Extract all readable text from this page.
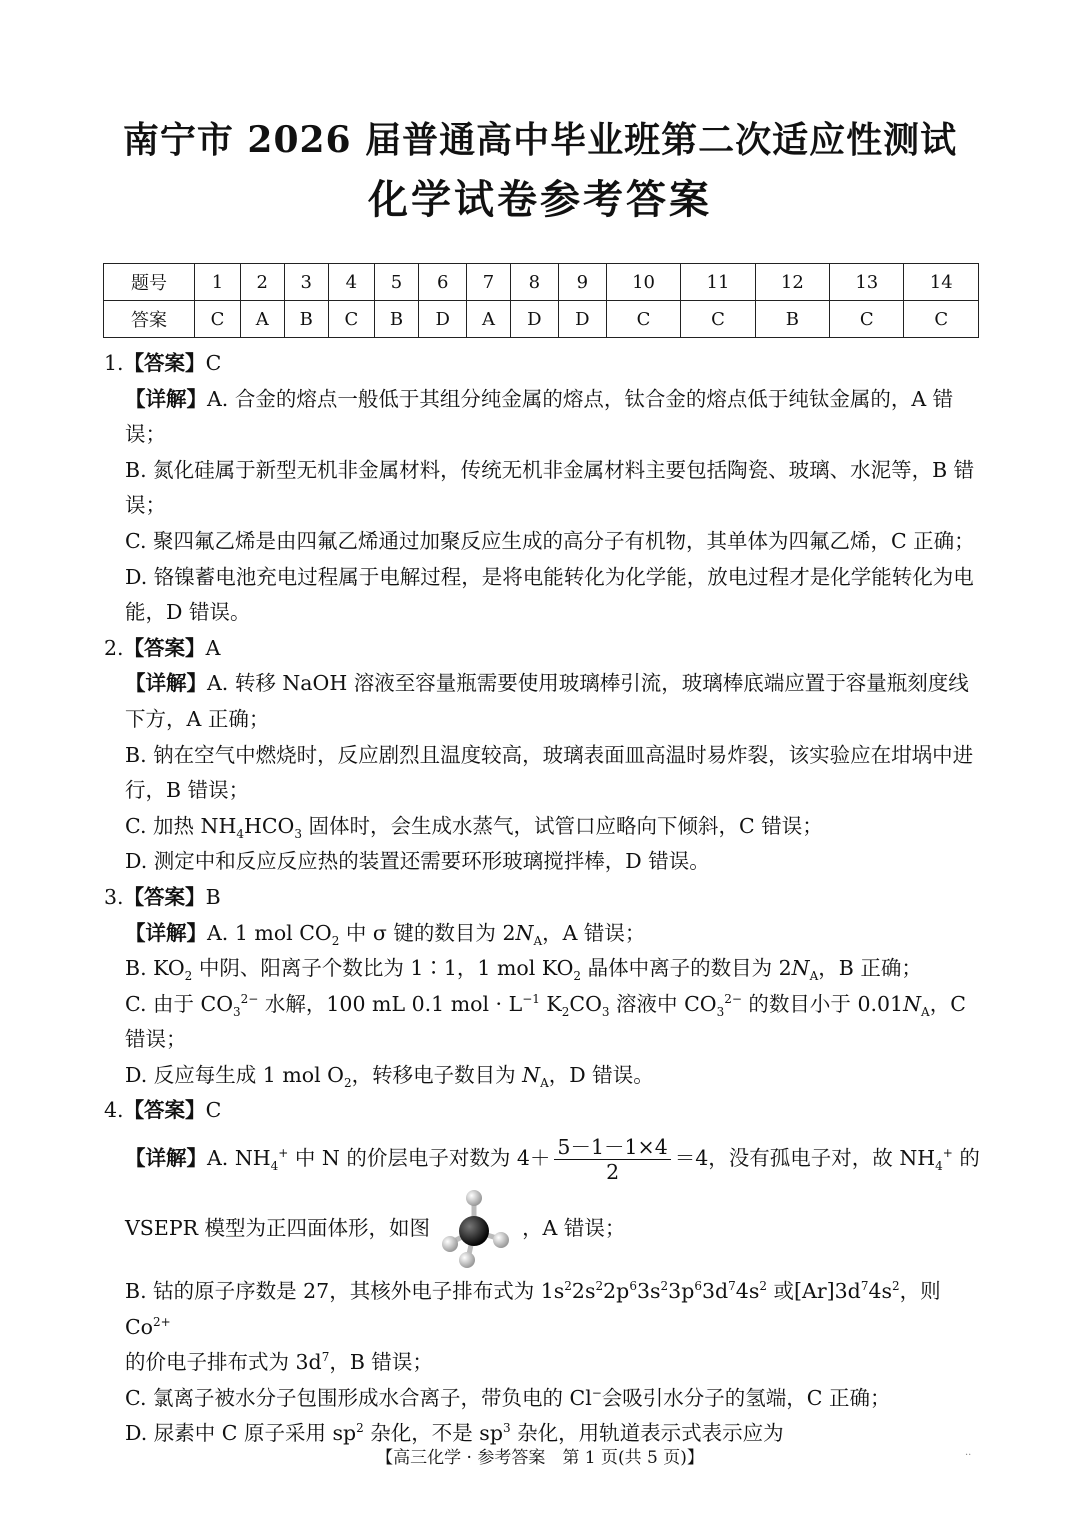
南宁市 2026 届普通高中毕业班第二次适应性测试
化学试卷参考答案
题号	1	2	3	4	5	6	7	8	9	10	11	12	13	14
答案	C	A	B	C	B	D	A	D	D	C	C	B	C	C
1.【答案】C
【详解】A. 合金的熔点一般低于其组分纯金属的熔点，钛合金的熔点低于纯钛金属的，A 错误；
B. 氮化硅属于新型无机非金属材料，传统无机非金属材料主要包括陶瓷、玻璃、水泥等，B 错误；
C. 聚四氟乙烯是由四氟乙烯通过加聚反应生成的高分子有机物，其单体为四氟乙烯，C 正确；
D. 铬镍蓄电池充电过程属于电解过程，是将电能转化为化学能，放电过程才是化学能转化为电能，D 错误。
2.【答案】A
【详解】A. 转移 NaOH 溶液至容量瓶需要使用玻璃棒引流，玻璃棒底端应置于容量瓶刻度线下方，A 正确；
B. 钠在空气中燃烧时，反应剧烈且温度较高，玻璃表面皿高温时易炸裂，该实验应在坩埚中进行，B 错误；
C. 加热 $NH_4HCO_3$ 固体时，会生成水蒸气，试管口应略向下倾斜，C 错误；
D. 测定中和反应反应热的装置还需要环形玻璃搅拌棒，D 错误。
3.【答案】B
【详解】A. 1 mol $CO_2$ 中 σ 键的数目为 $2N_A$，A 错误；
B. $KO_2$ 中阴、阳离子个数比为 1∶1，1 mol $KO_2$ 晶体中离子的数目为 $2N_A$，B 正确；
C. 由于 $CO_3^{2-}$ 水解，100 mL 0.1 mol · $L^{-1}$ $K_2CO_3$ 溶液中 $CO_3^{2-}$ 的数目小于 $0.01N_A$，C 错误；
D. 反应每生成 1 mol $O_2$，转移电子数目为 $N_A$，D 错误。
4.【答案】C
【详解】A. $NH_4^+$ 中 N 的价层电子对数为 $4+ \frac{5-1-1\times 4}{2} =4$，没有孤电子对，故 $NH_4^+$ 的
VSEPR 模型为正四面体形，如图	，A 错误；
B. 钴的原子序数是 27，其核外电子排布式为 $1s^22s^22p^63s^23p^63d^74s^2$ 或$[Ar]3d^74s^2$，则 $Co^{2+}$
的价电子排布式为 $3d^7$，B 错误；
C. 氯离子被水分子包围形成水合离子，带负电的 Cl−会吸引水分子的氢端，C 正确；
D. 尿素中 C 原子采用 $sp^2$ 杂化，不是 $sp^3$ 杂化，用轨道表示式表示应为
【高三化学 · 参考答案　第 1 页(共 5 页)】	··
